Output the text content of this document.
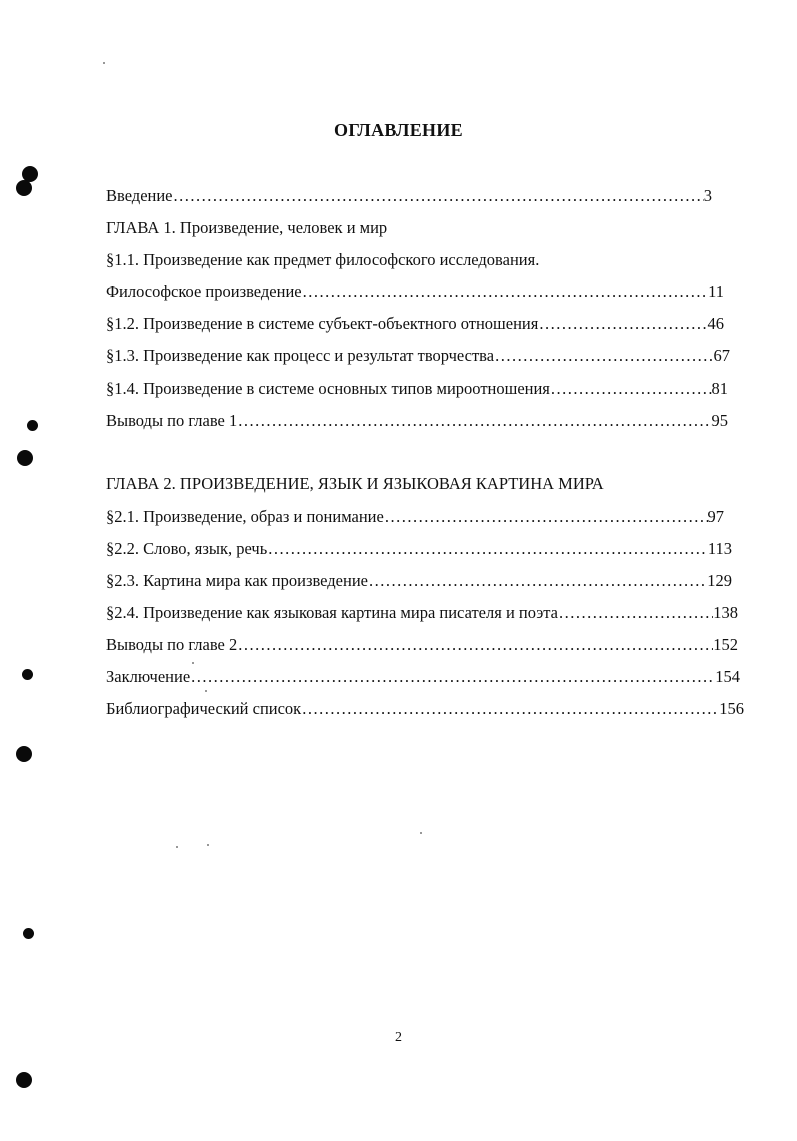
ОГЛАВЛЕНИЕ
Введение .....	3
ГЛАВА 1. Произведение, человек и мир
§1.1. Произведение как предмет философского исследования.
Философское произведение .....	11
§1.2. Произведение в системе субъект-объектного отношения .....	46
§1.3. Произведение как процесс и результат творчества .....	67
§1.4. Произведение в системе основных типов мироотношения .....	81
Выводы по главе 1 .....	95
ГЛАВА 2. ПРОИЗВЕДЕНИЕ, ЯЗЫК И ЯЗЫКОВАЯ КАРТИНА МИРА
§2.1. Произведение, образ и понимание .....	97
§2.2. Слово, язык, речь .....	113
§2.3. Картина мира как произведение .....	129
§2.4. Произведение как языковая картина мира писателя и поэта .....	138
Выводы по главе 2 .....	152
Заключение .....	154
Библиографический список .....	156
2
